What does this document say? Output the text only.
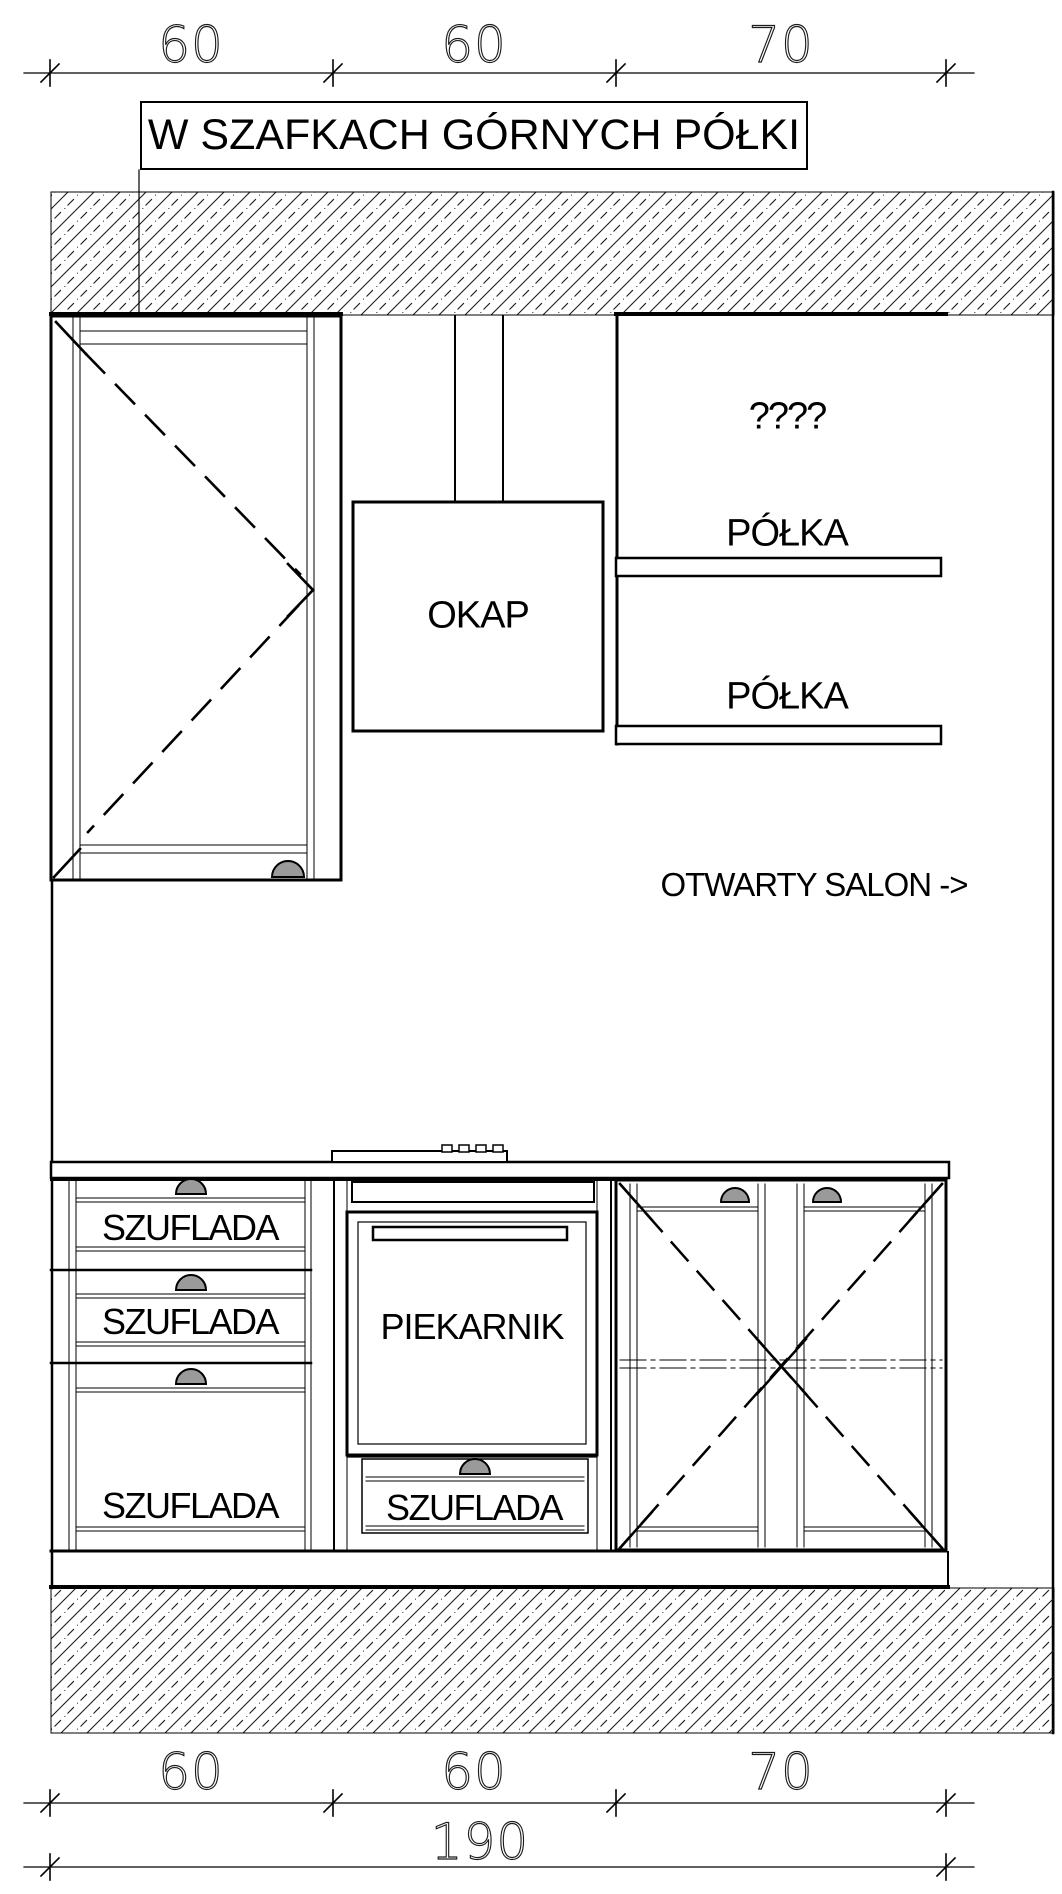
60	60	70
W SZAFKACH GÓRNYCH PÓŁKI
????
PÓŁKA
OKAP
PÓŁKA
OTWARTY SALON ->
SZUFLADA
SZUFLADA	PIEKARNIK
SZUFLADA	SZUFLADA
60	60	70
190
